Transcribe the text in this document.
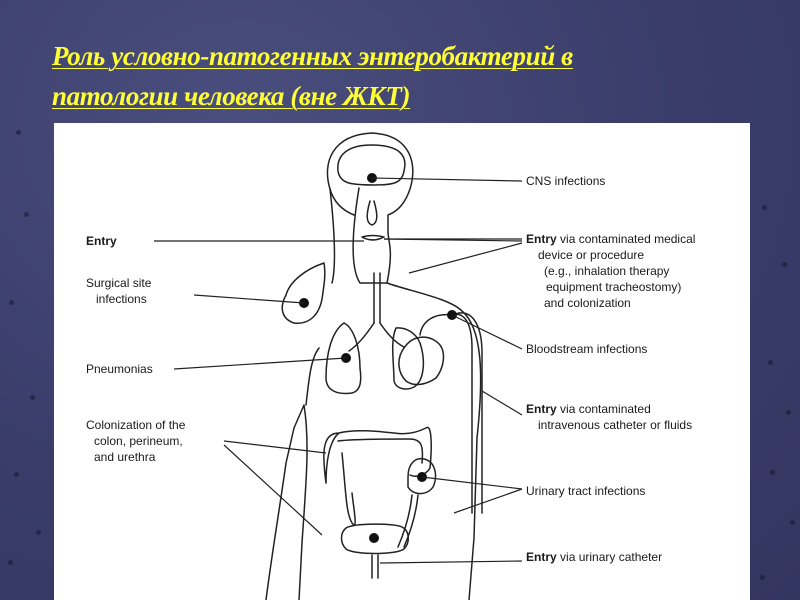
Роль условно-патогенных энтеробактерий в
патологии человека (вне ЖКТ)
Entry
Surgical site
infections
Pneumonias
Colonization of the
colon, perineum,
and urethra
CNS infections
Entry via contaminated medical
device or procedure
(e.g., inhalation therapy
equipment tracheostomy)
and colonization
Bloodstream infections
Entry via contaminated
intravenous catheter or fluids
Urinary tract infections
Entry via urinary catheter
